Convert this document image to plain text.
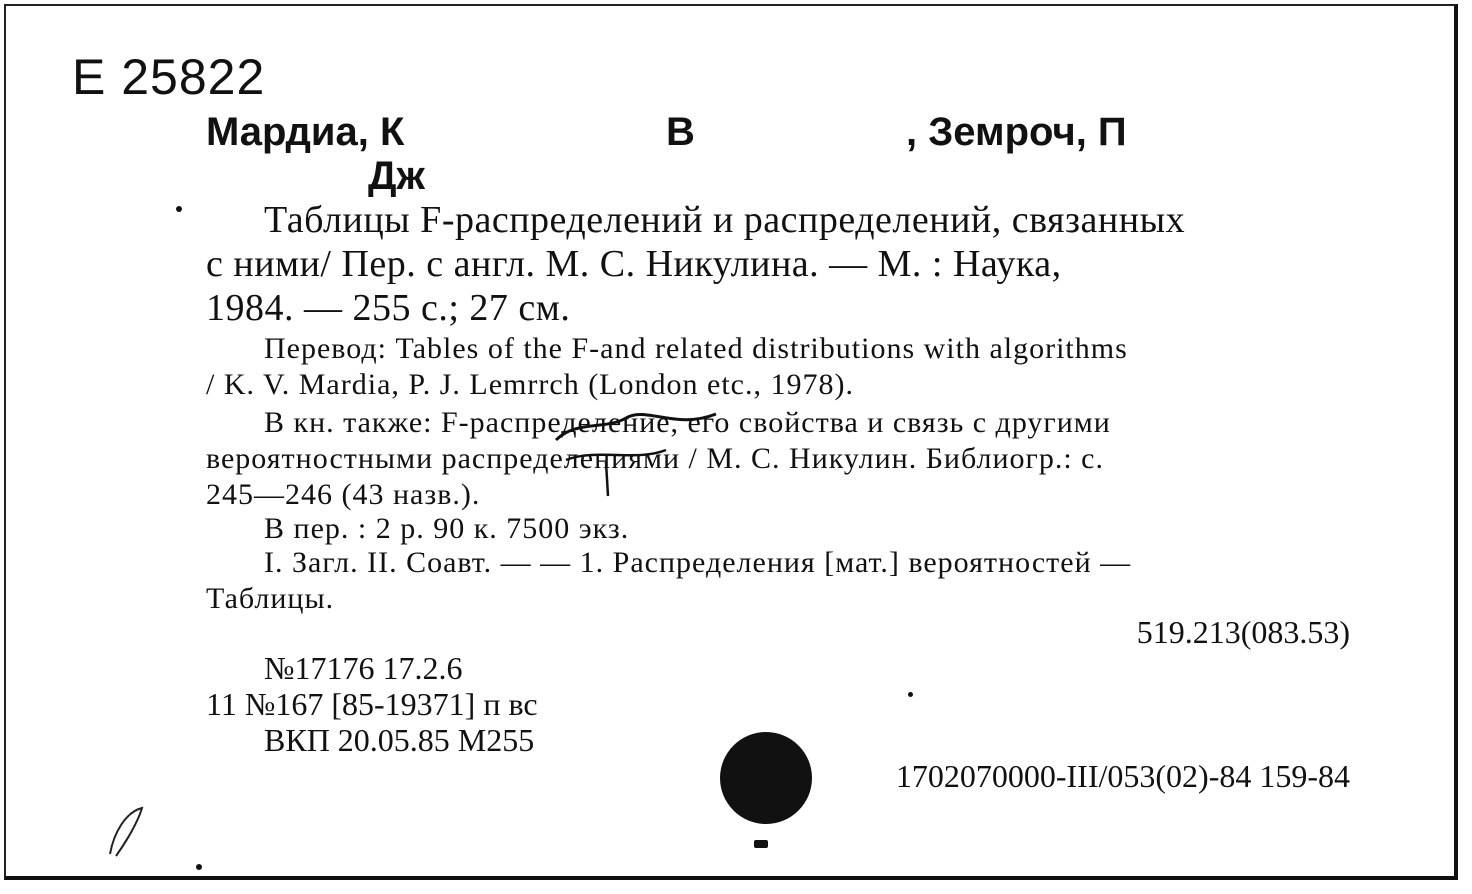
Е 25822
Мардиа, К
Дж
В	, Земроч, П
Таблицы F-распределений и распределений, связанных
с ними/ Пер. с англ. М. С. Никулина. — М. : Наука,
1984. — 255 с.; 27 см.
Перевод: Tables of the F-and related distributions with algorithms
/ K. V. Mardia, P. J. Lemrrch (London etc., 1978).
В кн. также: F-распределение, его свойства и связь с другими
вероятностными распределениями / М. С. Никулин. Библиогр.: с.
245—246 (43 назв.).
В пер. : 2 р. 90 к. 7500 экз.
I. Загл. II. Соавт. — — 1. Распределения [мат.] вероятностей —
Таблицы.
519.213(083.53)
№17176 17.2.6
11 №167 [85-19371] п вс
ВКП 20.05.85 М255
1702070000-III/053(02)-84 159-84
